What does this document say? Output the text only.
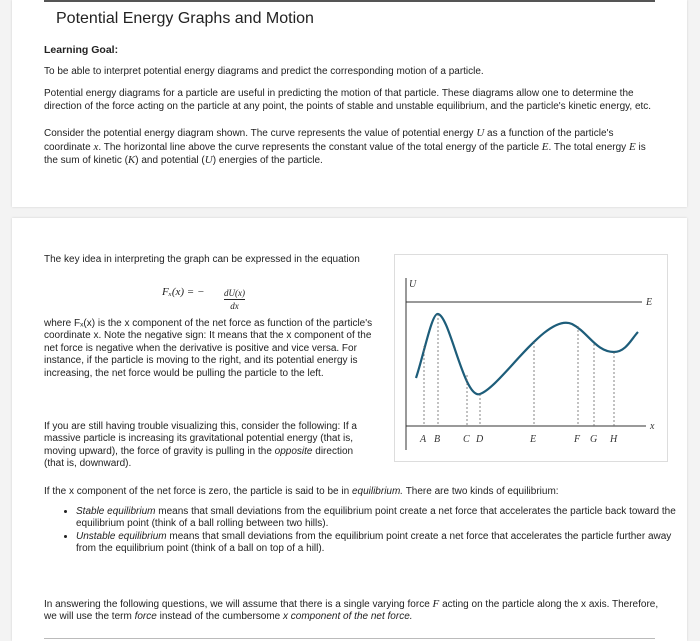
Potential Energy Graphs and Motion
Learning Goal:

To be able to interpret potential energy diagrams and predict the corresponding motion of a particle.

Potential energy diagrams for a particle are useful in predicting the motion of that particle. These diagrams allow one to determine the direction of the force acting on the particle at any point, the points of stable and unstable equilibrium, and the particle's kinetic energy, etc.

Consider the potential energy diagram shown. The curve represents the value of potential energy U as a function of the particle's coordinate x. The horizontal line above the curve represents the constant value of the total energy of the particle E. The total energy E is the sum of kinetic (K) and potential (U) energies of the particle.

The key idea in interpreting the graph can be expressed in the equation

Fₓ(x) = − dU(x)
dx

where Fₓ(x) is the x component of the net force as function of the particle's coordinate x. Note the negative sign: It means that the x component of the net force is negative when the derivative is positive and vice versa. For instance, if the particle is moving to the right, and its potential energy is increasing, the net force would be pulling the particle to the left.

If you are still having trouble visualizing this, consider the following: If a massive particle is increasing its gravitational potential energy (that is, moving upward), the force of gravity is pulling in the opposite direction (that is, downward).

If the x component of the net force is zero, the particle is said to be in equilibrium. There are two kinds of equilibrium:

• Stable equilibrium means that small deviations from the equilibrium point create a net force that accelerates the particle back toward the equilibrium point (think of a ball rolling between two hills).
• Unstable equilibrium means that small deviations from the equilibrium point create a net force that accelerates the particle further away from the equilibrium point (think of a ball on top of a hill).

In answering the following questions, we will assume that there is a single varying force F acting on the particle along the x axis. Therefore, we will use the term force instead of the cumbersome x component of the net force.

U
x
E
A B C D	E	F G H
